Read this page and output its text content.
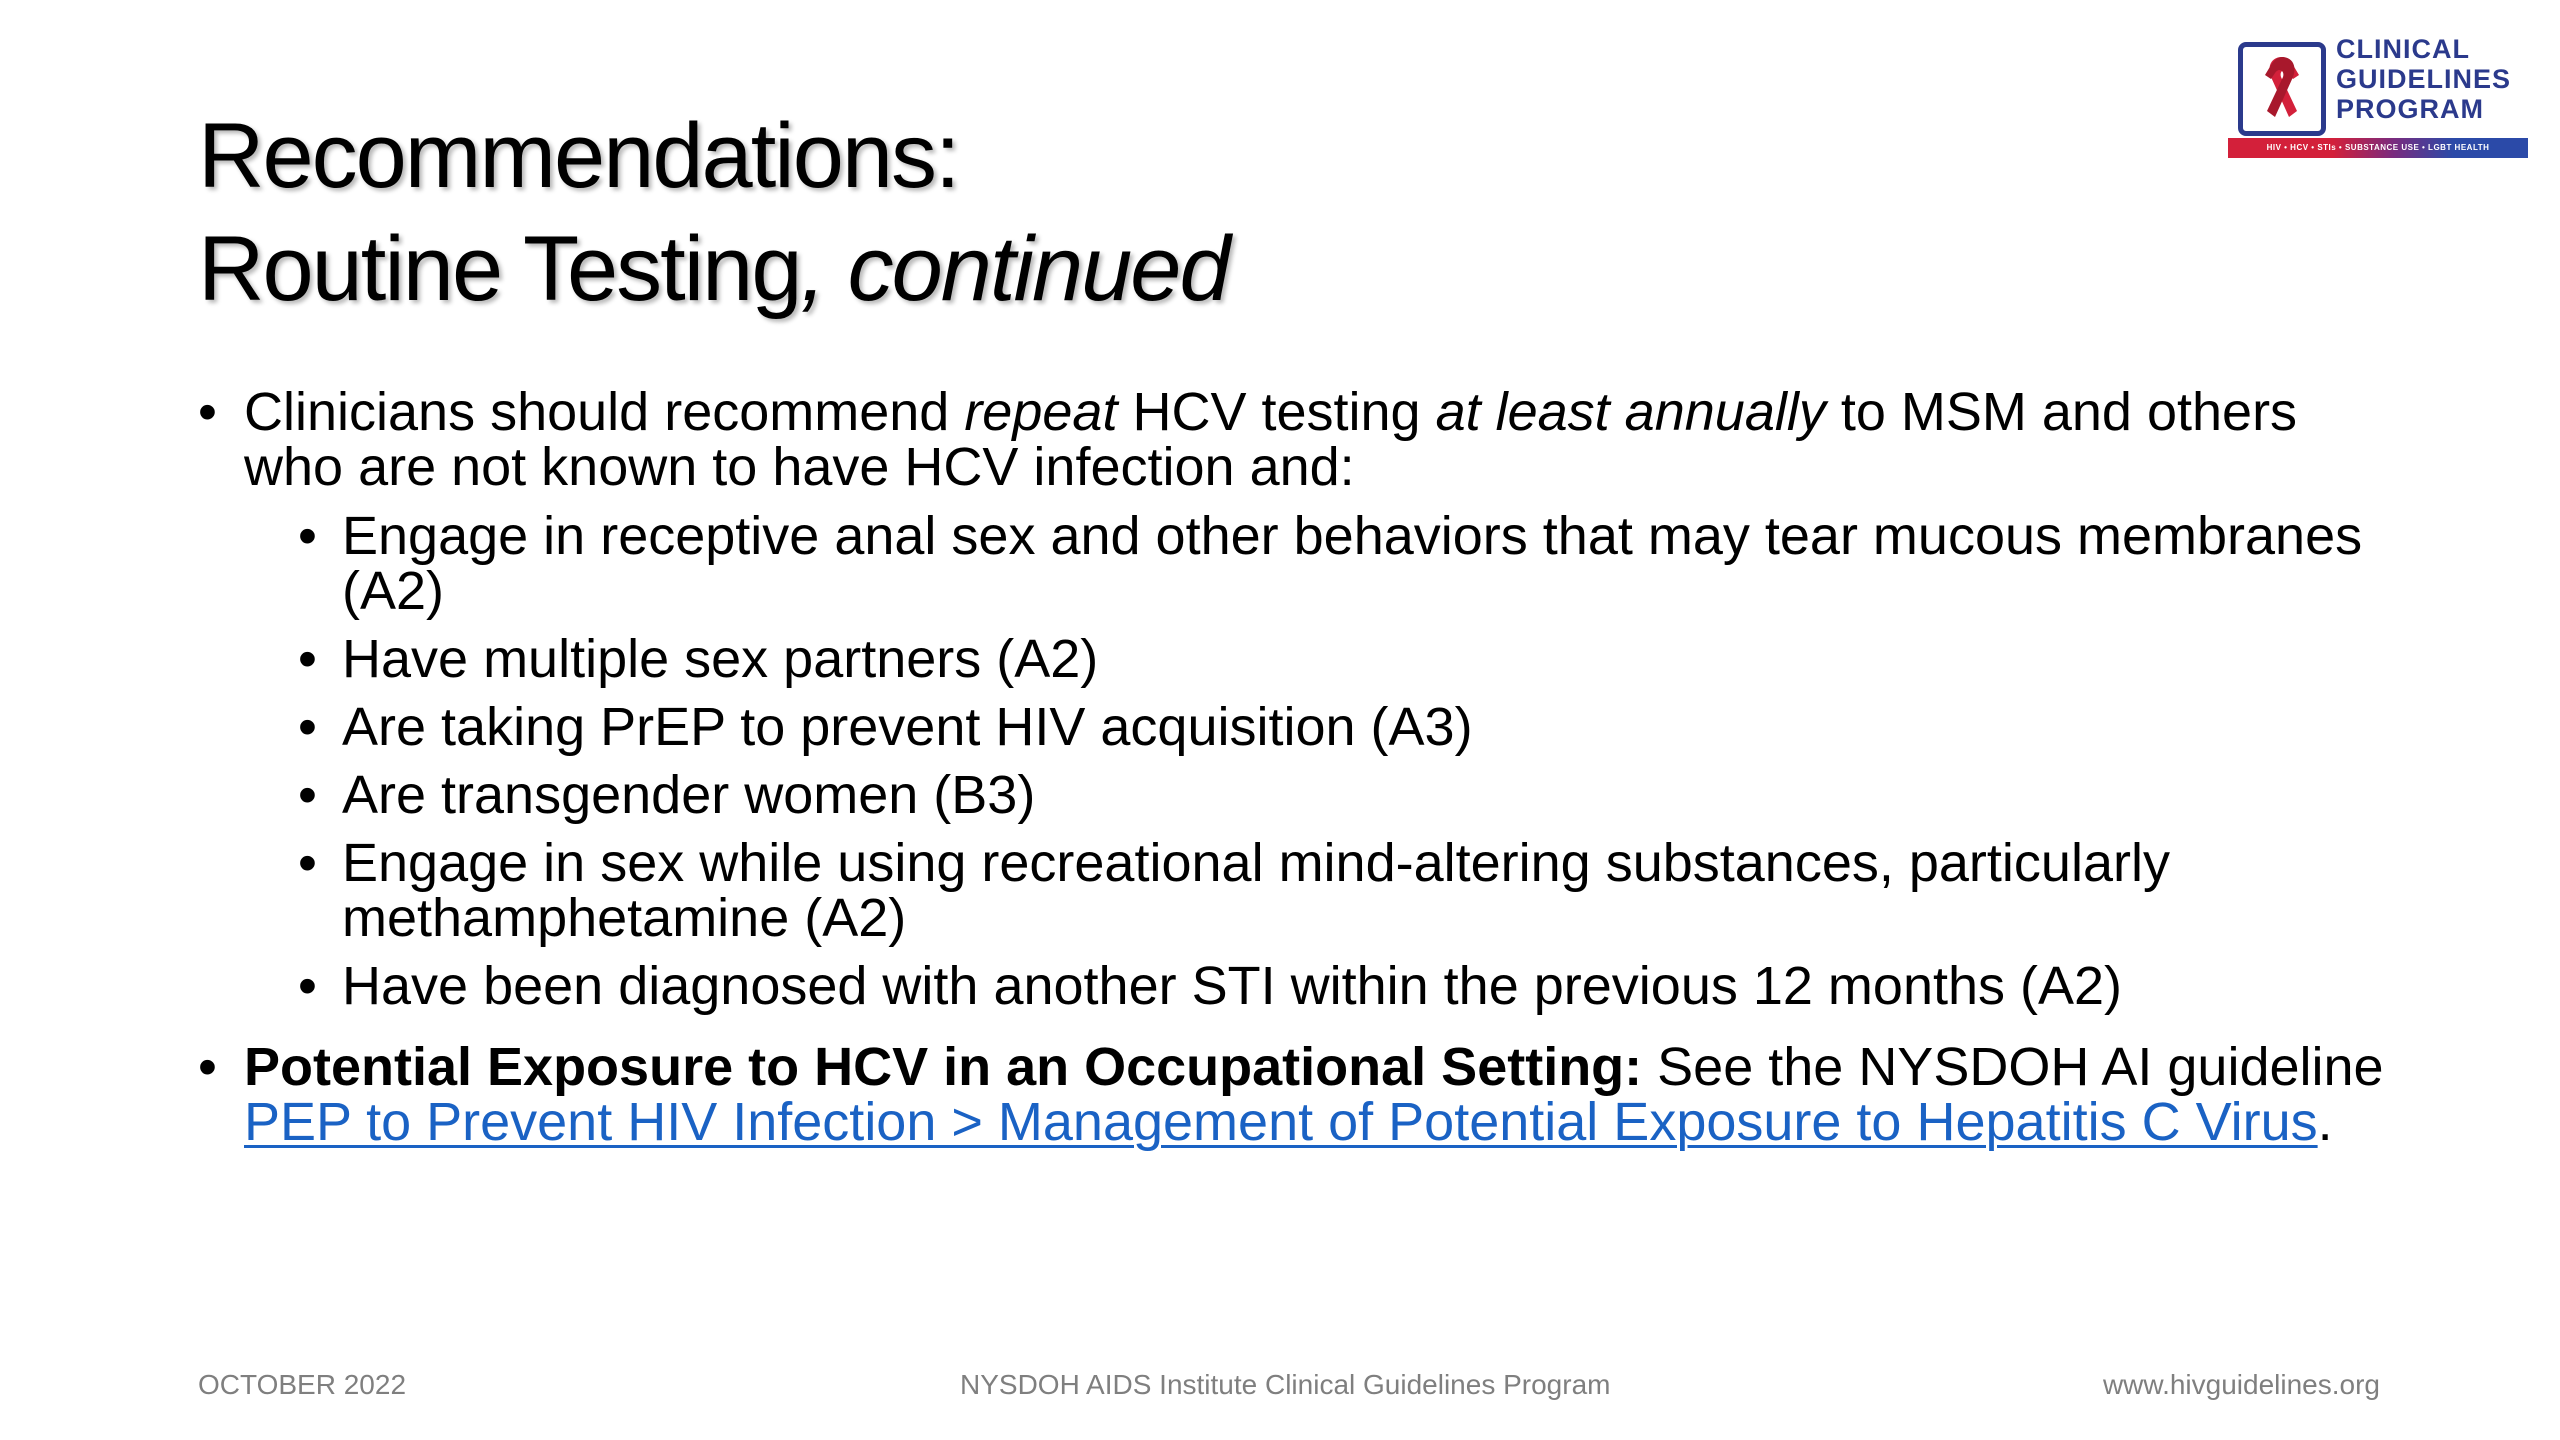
Recommendations:
Routine Testing, continued
CLINICAL
GUIDELINES
PROGRAM
HIV • HCV • STIs • SUBSTANCE USE • LGBT HEALTH
• Clinicians should recommend repeat HCV testing at least annually to MSM and others who are not known to have HCV infection and:
• Engage in receptive anal sex and other behaviors that may tear mucous membranes (A2)
• Have multiple sex partners (A2)
• Are taking PrEP to prevent HIV acquisition (A3)
• Are transgender women (B3)
• Engage in sex while using recreational mind-altering substances, particularly methamphetamine (A2)
• Have been diagnosed with another STI within the previous 12 months (A2)
• Potential Exposure to HCV in an Occupational Setting: See the NYSDOH AI guideline PEP to Prevent HIV Infection > Management of Potential Exposure to Hepatitis C Virus.
OCTOBER 2022	NYSDOH AIDS Institute Clinical Guidelines Program	www.hivguidelines.org
